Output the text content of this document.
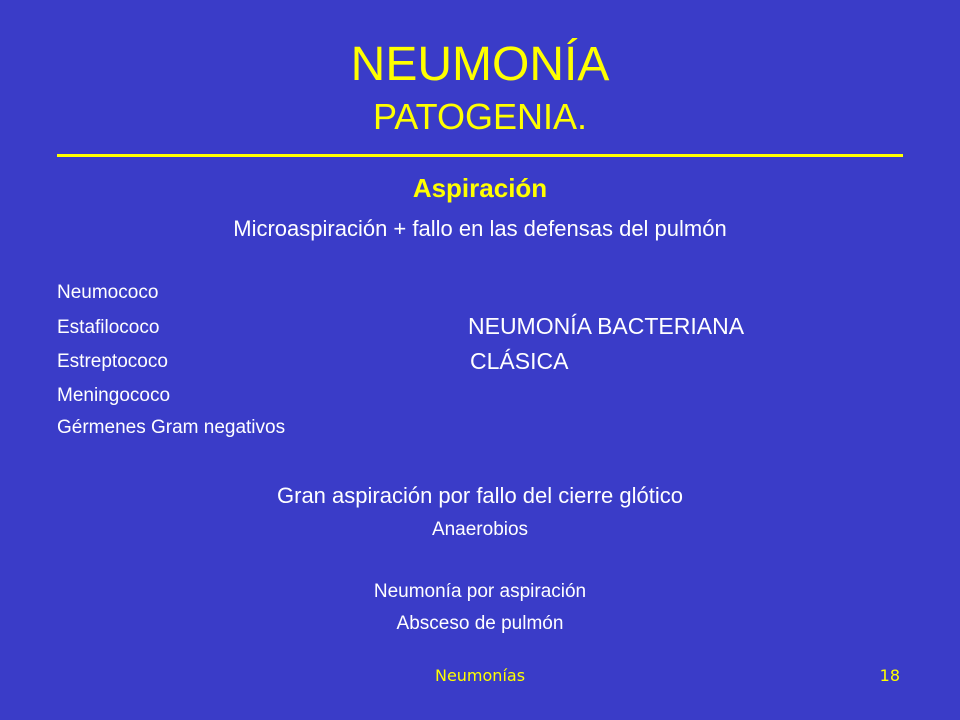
NEUMONÍA
PATOGENIA.
Aspiración
Microaspiración + fallo en las defensas del pulmón
Neumococo
Estafilococo
Estreptococo
Meningococo
Gérmenes Gram negativos
NEUMONÍA BACTERIANA
CLÁSICA
Gran aspiración por fallo del cierre glótico
Anaerobios
Neumonía por aspiración
Absceso de pulmón
Neumonías	18
